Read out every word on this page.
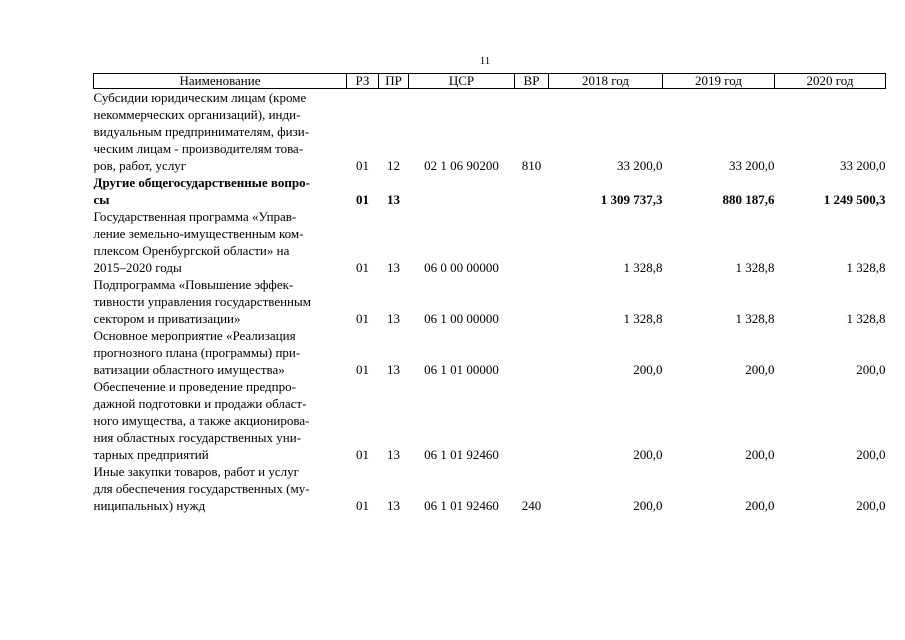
11
Наименование	РЗ	ПР	ЦСР	ВР	2018 год	2019 год	2020 год

Субсидии юридическим лицам (кроме
некоммерческих организаций), инди-
видуальным предпринимателям, физи-
ческим лицам - производителям това-
ров, работ, услуг	01	12	02 1 06 90200	810	33 200,0	33 200,0	33 200,0

Другие общегосударственные вопро-
сы	01	13			1 309 737,3	880 187,6	1 249 500,3

Государственная программа «Управ-
ление земельно-имущественным ком-
плексом Оренбургской области» на
2015–2020 годы	01	13	06 0 00 00000		1 328,8	1 328,8	1 328,8

Подпрограмма «Повышение эффек-
тивности управления государственным
сектором и приватизации»	01	13	06 1 00 00000		1 328,8	1 328,8	1 328,8

Основное мероприятие «Реализация
прогнозного плана (программы) при-
ватизации областного имущества»	01	13	06 1 01 00000		200,0	200,0	200,0

Обеспечение и проведение предпро-
дажной подготовки и продажи област-
ного имущества, а также акционирова-
ния областных государственных уни-
тарных предприятий	01	13	06 1 01 92460		200,0	200,0	200,0

Иные закупки товаров, работ и услуг
для обеспечения государственных (му-
ниципальных) нужд	01	13	06 1 01 92460	240	200,0	200,0	200,0
